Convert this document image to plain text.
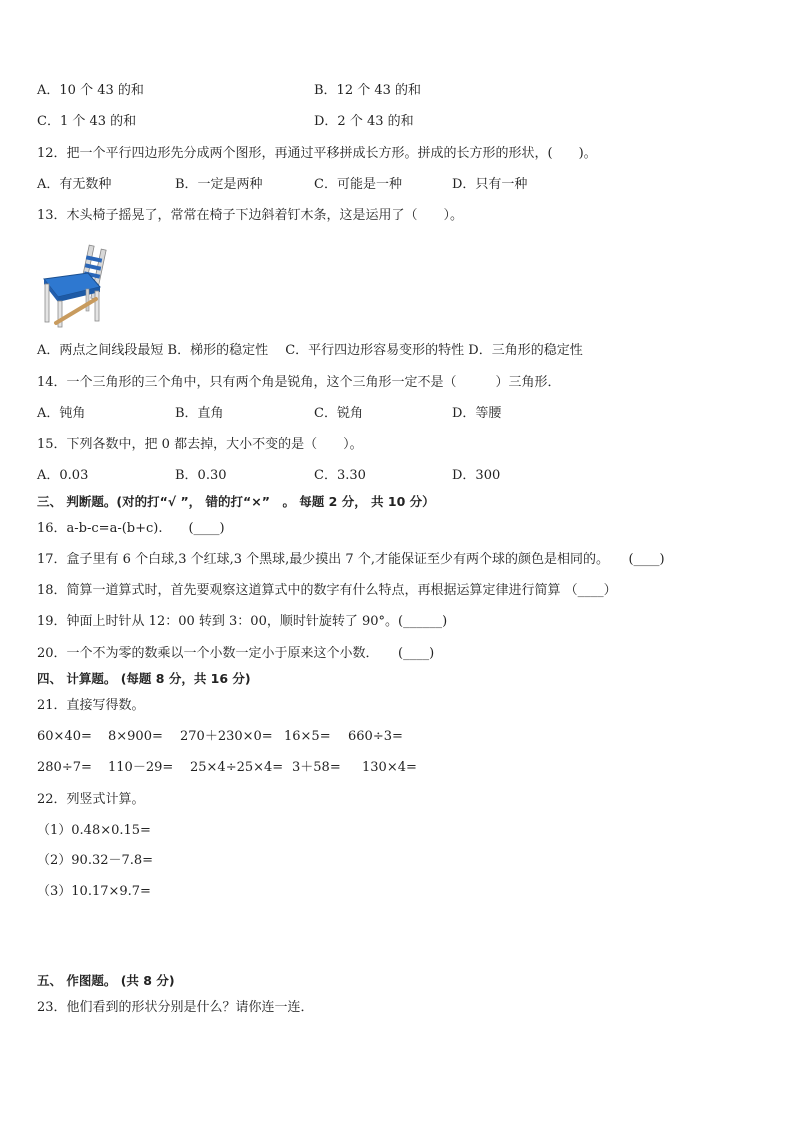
A．10 个 43 的和	B．12 个 43 的和
C．1 个 43 的和	D．2 个 43 的和
12．把一个平行四边形先分成两个图形，再通过平移拼成长方形。拼成的长方形的形状，(　　)。
A．有无数种	B．一定是两种	C．可能是一种	D．只有一种
13．木头椅子摇晃了，常常在椅子下边斜着钉木条，这是运用了（　　）。
A．两点之间线段最短 B．梯形的稳定性　 C．平行四边形容易变形的特性 D．三角形的稳定性
14．一个三角形的三个角中，只有两个角是锐角，这个三角形一定不是（　　　）三角形．
A．钝角	B．直角	C．锐角	D．等腰
15．下列各数中，把 0 都去掉，大小不变的是（　　）。
A．0.03	B．0.30	C．3.30	D．300
三、 判断题。(对的打“√ ”， 错的打“×”　。 每题 2 分， 共 10 分）
16．a-b-c=a-(b+c).　　(____)
17．盒子里有 6 个白球,3 个红球,3 个黑球,最少摸出 7 个,才能保证至少有两个球的颜色是相同的。　　(____)
18．简算一道算式时，首先要观察这道算式中的数字有什么特点，再根据运算定律进行简算 （____）
19．钟面上时针从 12：00 转到 3：00，顺时针旋转了 90°。(______)
20．一个不为零的数乘以一个小数一定小于原来这个小数．　　(____)
四、 计算题。 (每题 8 分，共 16 分)
21．直接写得数。
60×40= 8×900= 270＋230×0= 16×5= 660÷3=
280÷7= 110－29= 25×4÷25×4= 3＋58= 130×4=
22．列竖式计算。
（1）0.48×0.15=
（2）90.32－7.8=
（3）10.17×9.7=
五、 作图题。 (共 8 分)
23．他们看到的形状分别是什么？请你连一连．
